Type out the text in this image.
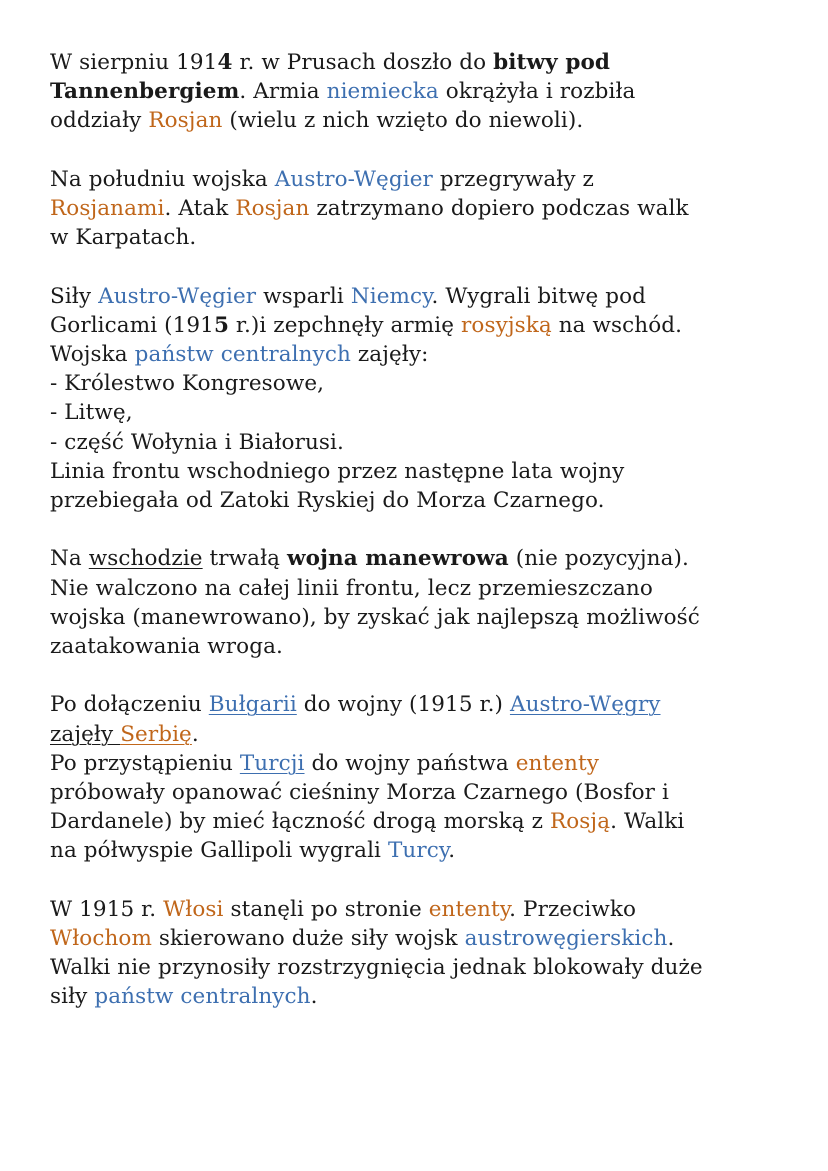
W sierpniu 1914 r. w Prusach doszło do bitwy pod
Tannenbergiem. Armia niemiecka okrążyła i rozbiła
oddziały Rosjan (wielu z nich wzięto do niewoli).

Na południu wojska Austro-Węgier przegrywały z
Rosjanami. Atak Rosjan zatrzymano dopiero podczas walk
w Karpatach.

Siły Austro-Węgier wsparli Niemcy. Wygrali bitwę pod
Gorlicami (1915 r.)i zepchnęły armię rosyjską na wschód.
Wojska państw centralnych zajęły:
- Królestwo Kongresowe,
- Litwę,
- część Wołynia i Białorusi.
Linia frontu wschodniego przez następne lata wojny
przebiegała od Zatoki Ryskiej do Morza Czarnego.

Na wschodzie trwałą wojna manewrowa (nie pozycyjna).
Nie walczono na całej linii frontu, lecz przemieszczano
wojska (manewrowano), by zyskać jak najlepszą możliwość
zaatakowania wroga.

Po dołączeniu Bułgarii do wojny (1915 r.) Austro-Węgry
zajęły Serbię.
Po przystąpieniu Turcji do wojny państwa ententy
próbowały opanować cieśniny Morza Czarnego (Bosfor i
Dardanele) by mieć łączność drogą morską z Rosją. Walki
na półwyspie Gallipoli wygrali Turcy.

W 1915 r. Włosi stanęli po stronie ententy. Przeciwko
Włochom skierowano duże siły wojsk austrowęgierskich.
Walki nie przynosiły rozstrzygnięcia jednak blokowały duże
siły państw centralnych.
